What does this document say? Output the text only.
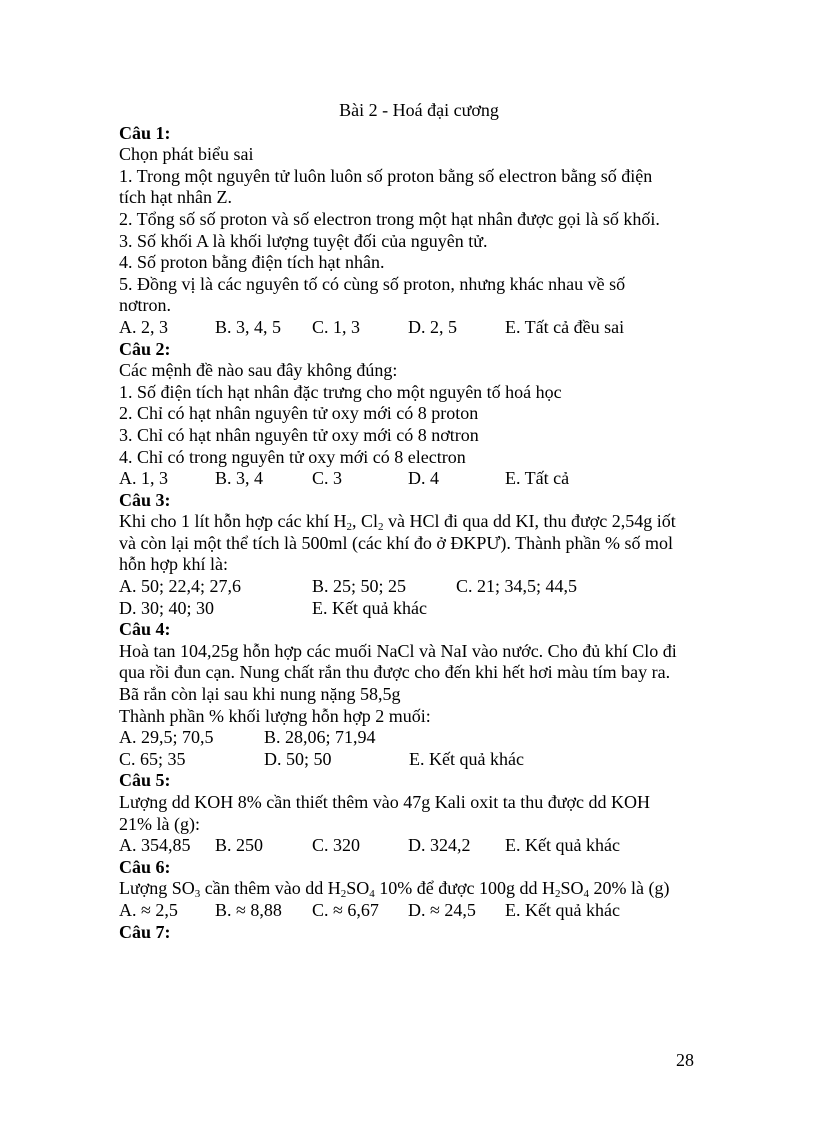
Bài 2 - Hoá đại cương
Câu 1:
Chọn phát biểu sai
1. Trong một nguyên tử luôn luôn số proton bằng số electron bằng số điện
tích hạt nhân Z.
2. Tổng số số proton và số electron trong một hạt nhân được gọi là số khối.
3. Số khối A là khối lượng tuyệt đối của nguyên tử.
4. Số proton bằng điện tích hạt nhân.
5. Đồng vị là các nguyên tố có cùng số proton, nhưng khác nhau về số
nơtron.
A. 2, 3	B. 3, 4, 5	C. 1, 3	D. 2, 5	E. Tất cả đều sai
Câu 2:
Các mệnh đề nào sau đây không đúng:
1. Số điện tích hạt nhân đặc trưng cho một nguyên tố hoá học
2. Chỉ có hạt nhân nguyên tử oxy mới có 8 proton
3. Chỉ có hạt nhân nguyên tử oxy mới có 8 nơtron
4. Chỉ có trong nguyên tử oxy mới có 8 electron
A. 1, 3	B. 3, 4	C. 3	D. 4	E. Tất cả
Câu 3:
Khi cho 1 lít hỗn hợp các khí $H_2$, $Cl_2$ và HCl đi qua dd KI, thu được 2,54g iốt
và còn lại một thể tích là 500ml (các khí đo ở ĐKPƯ). Thành phần % số mol
hỗn hợp khí là:
A. 50; 22,4; 27,6	B. 25; 50; 25	C. 21; 34,5; 44,5
D. 30; 40; 30	E. Kết quả khác
Câu 4:
Hoà tan 104,25g hỗn hợp các muối NaCl và NaI vào nước. Cho đủ khí Clo đi
qua rồi đun cạn. Nung chất rắn thu được cho đến khi hết hơi màu tím bay ra.
Bã rắn còn lại sau khi nung nặng 58,5g
Thành phần % khối lượng hỗn hợp 2 muối:
A. 29,5; 70,5	B. 28,06; 71,94
C. 65; 35	D. 50; 50	E. Kết quả khác
Câu 5:
Lượng dd KOH 8% cần thiết thêm vào 47g Kali oxit ta thu được dd KOH
21% là (g):
A. 354,85	B. 250	C. 320	D. 324,2	E. Kết quả khác
Câu 6:
Lượng $SO_3$ cần thêm vào dd $H_2SO_4$ 10% để được 100g dd $H_2SO_4$ 20% là (g)
A. ≈ 2,5	B. ≈ 8,88	C. ≈ 6,67	D. ≈ 24,5	E. Kết quả khác
Câu 7:
28
